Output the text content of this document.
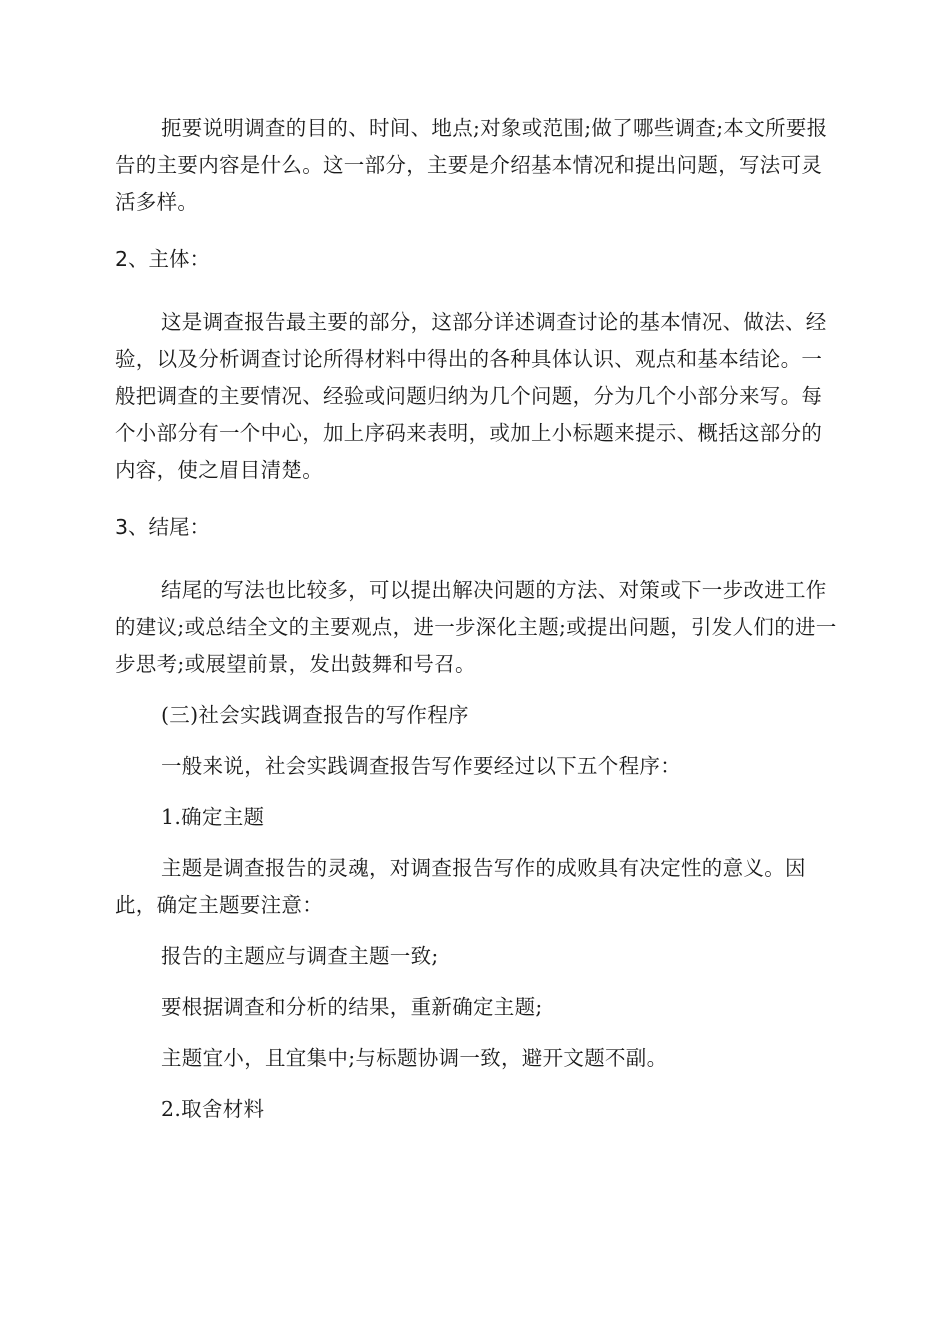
扼要说明调查的目的、时间、地点;对象或范围;做了哪些调查;本文所要报告的主要内容是什么。这一部分，主要是介绍基本情况和提出问题，写法可灵活多样。

2、主体：

这是调查报告最主要的部分，这部分详述调查讨论的基本情况、做法、经验，以及分析调查讨论所得材料中得出的各种具体认识、观点和基本结论。一般把调查的主要情况、经验或问题归纳为几个问题，分为几个小部分来写。每个小部分有一个中心，加上序码来表明，或加上小标题来提示、概括这部分的内容，使之眉目清楚。

3、结尾：

结尾的写法也比较多，可以提出解决问题的方法、对策或下一步改进工作的建议;或总结全文的主要观点，进一步深化主题;或提出问题，引发人们的进一步思考;或展望前景，发出鼓舞和号召。

(三)社会实践调查报告的写作程序

一般来说，社会实践调查报告写作要经过以下五个程序：

1.确定主题

主题是调查报告的灵魂，对调查报告写作的成败具有决定性的意义。因此，确定主题要注意：

报告的主题应与调查主题一致;

要根据调查和分析的结果，重新确定主题;

主题宜小，且宜集中;与标题协调一致，避开文题不副。

2.取舍材料
